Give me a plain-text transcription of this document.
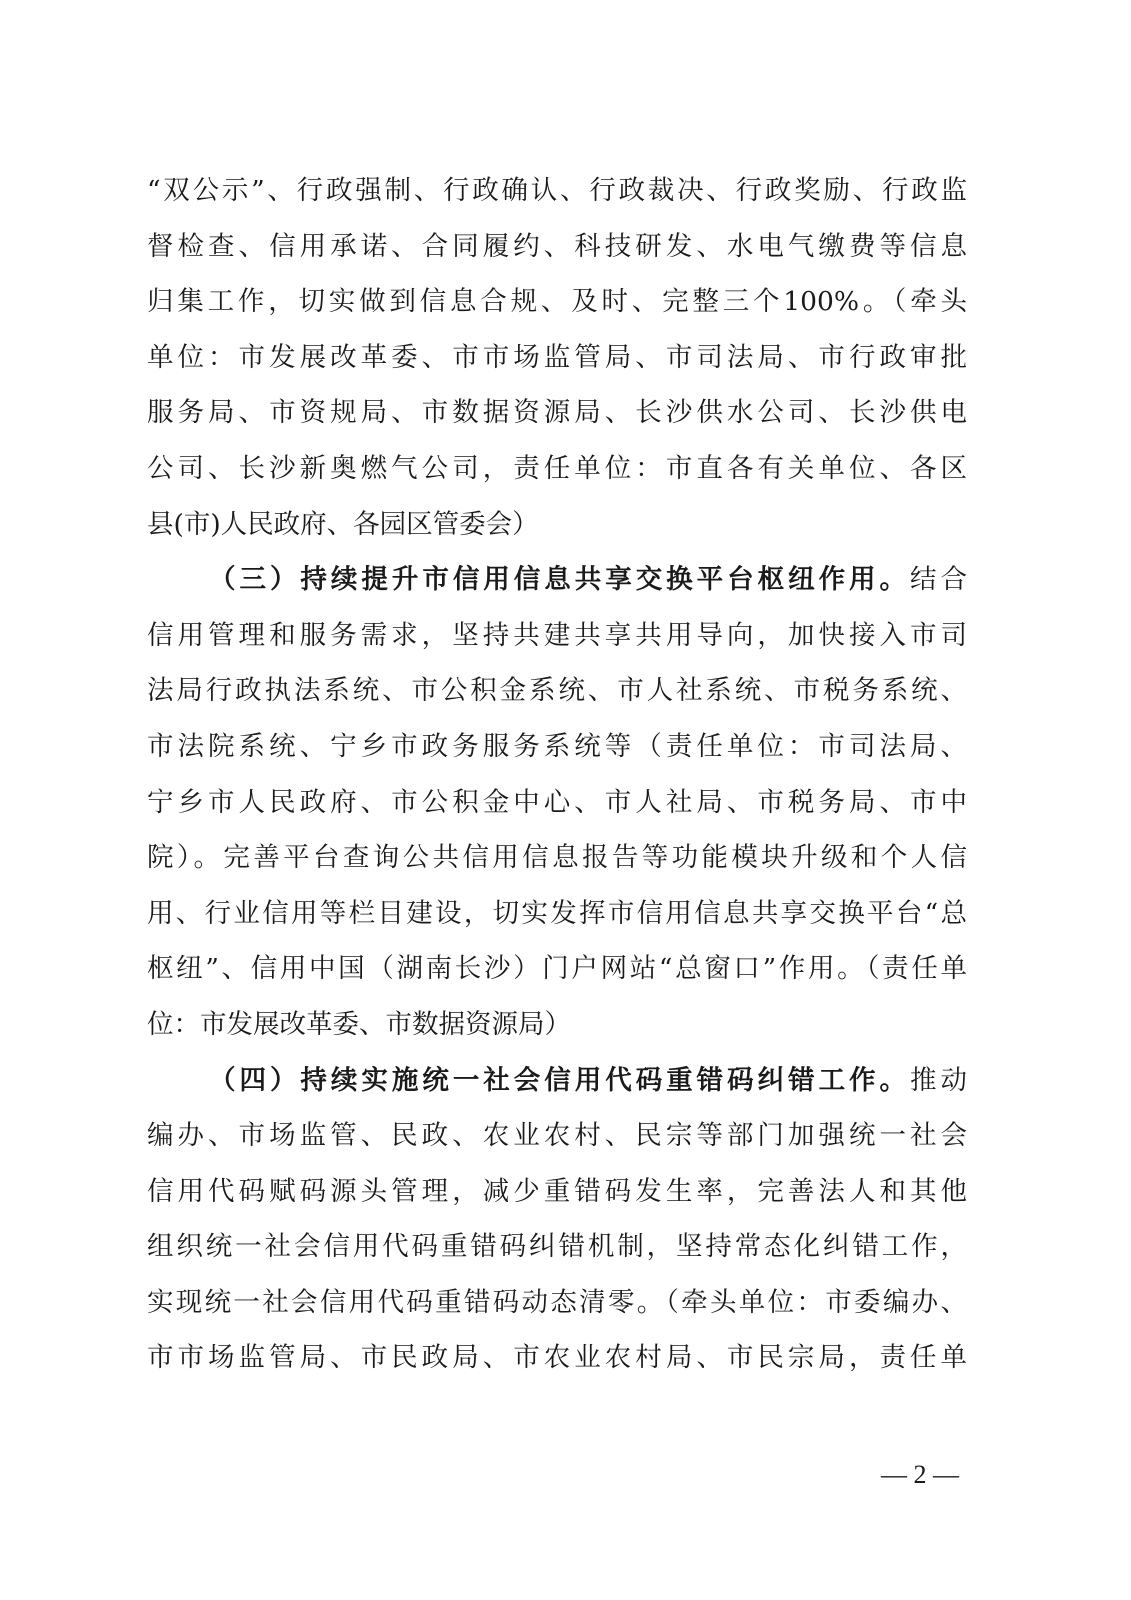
“双公示”、行政强制、行政确认、行政裁决、行政奖励、行政监
督检查、信用承诺、合同履约、科技研发、水电气缴费等信息
归集工作，切实做到信息合规、及时、完整三个100%。（牵头
单位：市发展改革委、市市场监管局、市司法局、市行政审批
服务局、市资规局、市数据资源局、长沙供水公司、长沙供电
公司、长沙新奥燃气公司，责任单位：市直各有关单位、各区
县(市)人民政府、各园区管委会）
（三）持续提升市信用信息共享交换平台枢纽作用。结合
信用管理和服务需求，坚持共建共享共用导向，加快接入市司
法局行政执法系统、市公积金系统、市人社系统、市税务系统、
市法院系统、宁乡市政务服务系统等（责任单位：市司法局、
宁乡市人民政府、市公积金中心、市人社局、市税务局、市中
院）。完善平台查询公共信用信息报告等功能模块升级和个人信
用、行业信用等栏目建设，切实发挥市信用信息共享交换平台“总
枢纽”、信用中国（湖南长沙）门户网站“总窗口”作用。（责任单
位：市发展改革委、市数据资源局）
（四）持续实施统一社会信用代码重错码纠错工作。推动
编办、市场监管、民政、农业农村、民宗等部门加强统一社会
信用代码赋码源头管理，减少重错码发生率，完善法人和其他
组织统一社会信用代码重错码纠错机制，坚持常态化纠错工作，
实现统一社会信用代码重错码动态清零。（牵头单位：市委编办、
市市场监管局、市民政局、市农业农村局、市民宗局，责任单
— 2 —
